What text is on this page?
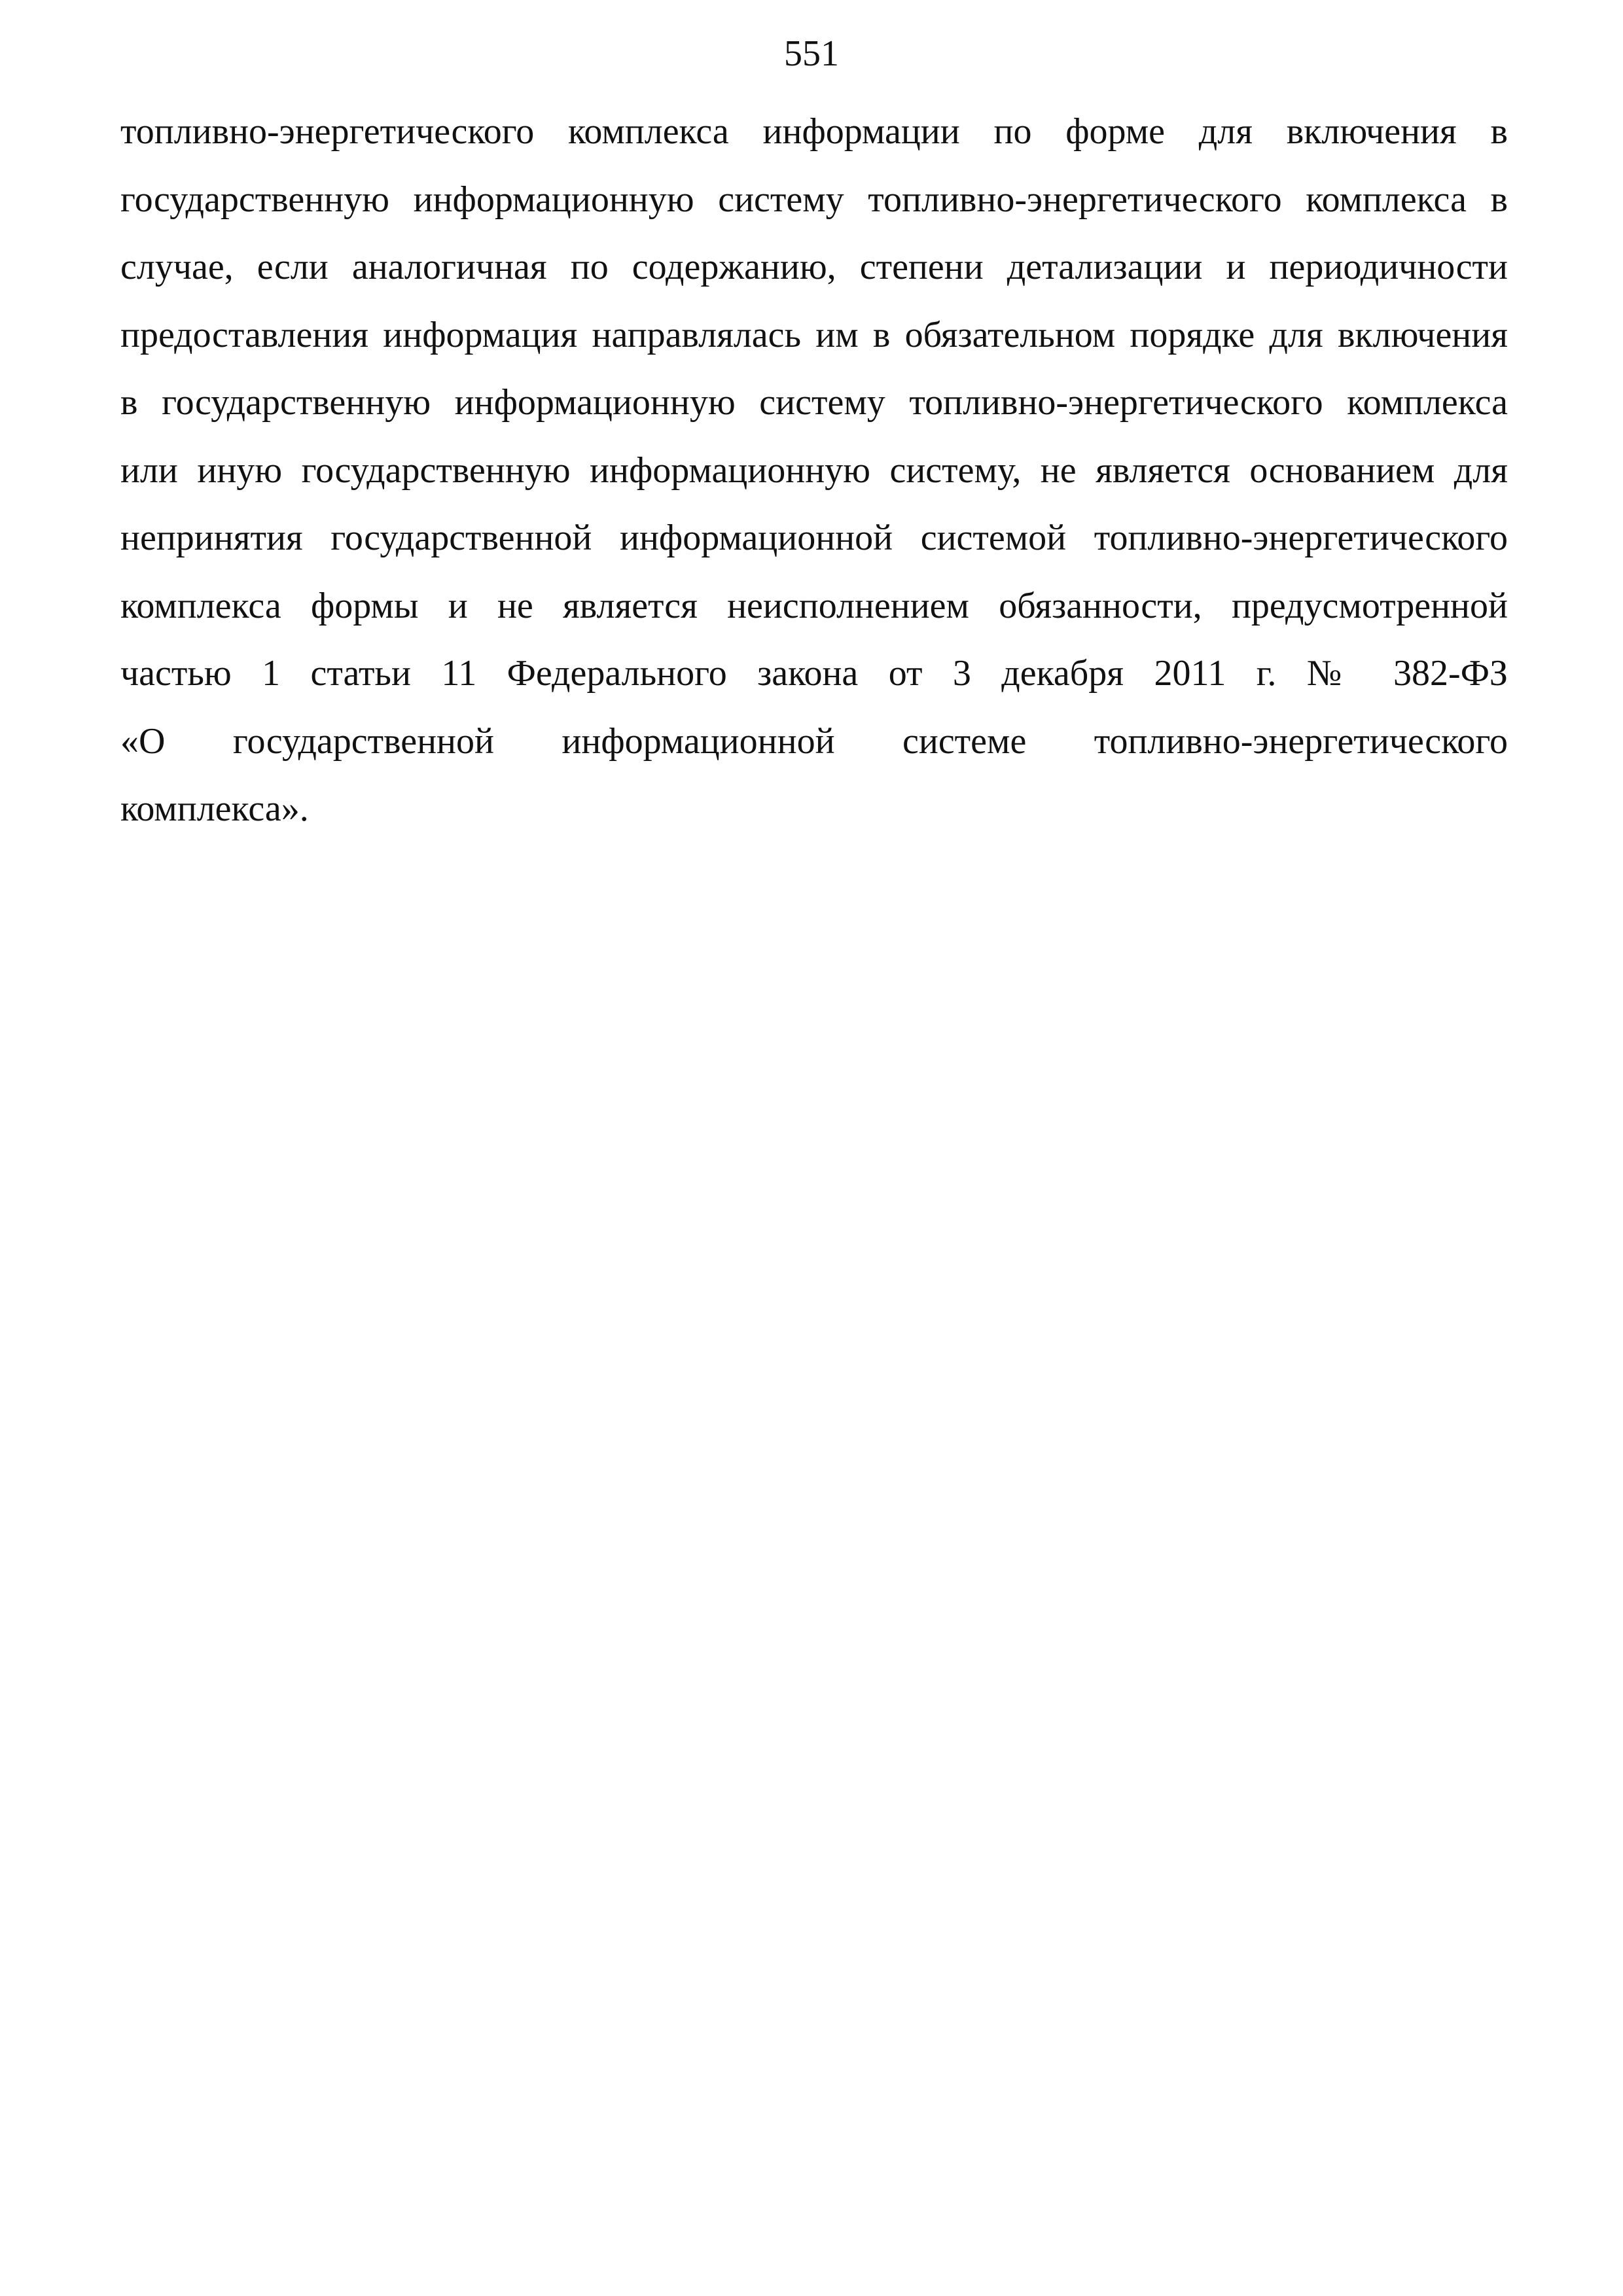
551
топливно-энергетического комплекса информации по форме для включения в
государственную информационную систему топливно-энергетического комплекса в
случае, если аналогичная по содержанию, степени детализации и периодичности
предоставления информация направлялась им в обязательном порядке для включения
в государственную информационную систему топливно-энергетического комплекса
или иную государственную информационную систему, не является основанием для
непринятия государственной информационной системой топливно-энергетического
комплекса формы и не является неисполнением обязанности, предусмотренной
частью 1 статьи 11 Федерального закона от 3 декабря 2011 г. № 382-ФЗ
«О государственной информационной системе топливно-энергетического
комплекса».
